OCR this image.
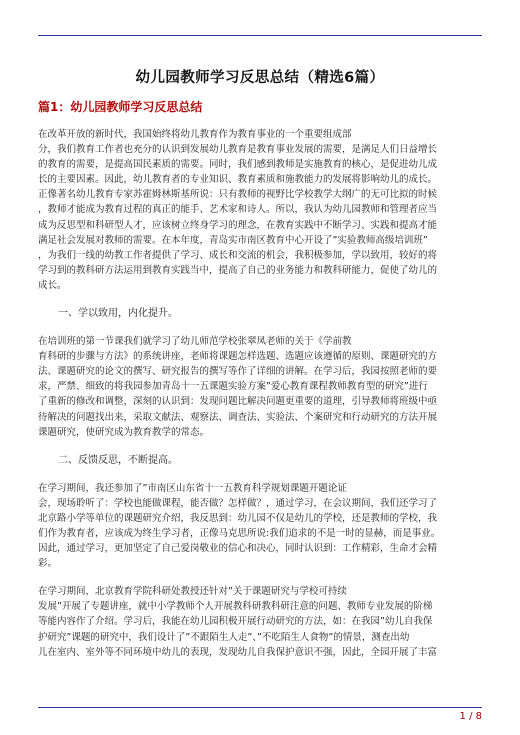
幼儿园教师学习反思总结（精选6篇）
篇1：幼儿园教师学习反思总结

在改革开放的新时代，我国始终将幼儿教育作为教育事业的一个重要组成部

分，我们教育工作者也充分的认识到发展幼儿教育是教育事业发展的需要，是满足人们日益增长

的教育的需要，是提高国民素质的需要。同时，我们感到教师是实施教育的核心，是促进幼儿成

长的主要因素。因此，幼儿教育者的专业知识、教育素质和施教能力的发展将影响幼儿的成长。

正像著名幼儿教育专家苏霍姆林斯基所说：只有教师的视野比学校教学大纲广的无可比拟的时候

，教师才能成为教育过程的真正的能手、艺术家和诗人。所以，我认为幼儿园教师和管理者应当

成为反思型和科研型人才，应该树立终身学习的理念，在教育实践中不断学习、实践和提高才能

满足社会发展对教师的需要。在本年度，青岛实市南区教育中心开设了”实验教师高级培训班”

，为我们一线的幼教工作者提供了学习、成长和交流的机会，我积极参加，学以致用，较好的将

学习到的教科研方法运用到教育实践当中，提高了自己的业务能力和教科研能力，促使了幼儿的

成长。

一、学以致用，内化提升。

在培训班的第一节课我们就学习了幼儿师范学校张翠凤老师的关于《学前教

育科研的步骤与方法》的系统讲座，老师将课题怎样选题、选题应该遵循的原则、课题研究的方

法、课题研究的论文的撰写、研究报告的撰写等作了详细的讲解。在学习后，我园按照老师的要

求，严禁、细致的将我园参加青岛十一五课题实验方案”爱心教育课程教师教育型的研究”进行

了重新的修改和调整，深刻的认识到：发现问题比解决问题更重要的道理，引导教师将班级中亟

待解决的问题找出来，采取文献法、观察法、调查法、实验法、个案研究和行动研究的方法开展

课题研究，使研究成为教育教学的常态。

二、反馈反思，不断提高。

在学习期间，我还参加了”市南区山东省十一五教育科学规划课题开题论证

会，现场聆听了：学校也能做课程，能否做？怎样做？，通过学习，在会议期间，我们还学习了

北京路小学等单位的课题研究介绍，我反思到：幼儿园不仅是幼儿的学校，还是教师的学校，我

们作为教育者，应该成为终生学习者，正像马克思所说:我们追求的不是一时的显赫，而是事业。

因此，通过学习，更加坚定了自己爱岗敬业的信心和决心，同时认识到：工作精彩，生命才会精

彩。

在学习期间，北京教育学院科研处教授还针对”关于课题研究与学校可持续

发展”开展了专题讲座，就中小学教师个人开展教科研教科研注意的问题、教师专业发展的阶梯

等能内容作了介绍。学习后，我能在幼儿园积极开展行动研究的方法，如：在我园”幼儿自我保

护研究”课题的研究中，我们设计了”不跟陌生人走”、”不吃陌生人食物”的情景，测查出幼

儿在室内、室外等不同环境中幼儿的表现，发现幼儿自我保护意识不强，因此，全园开展了丰富

1 / 8
